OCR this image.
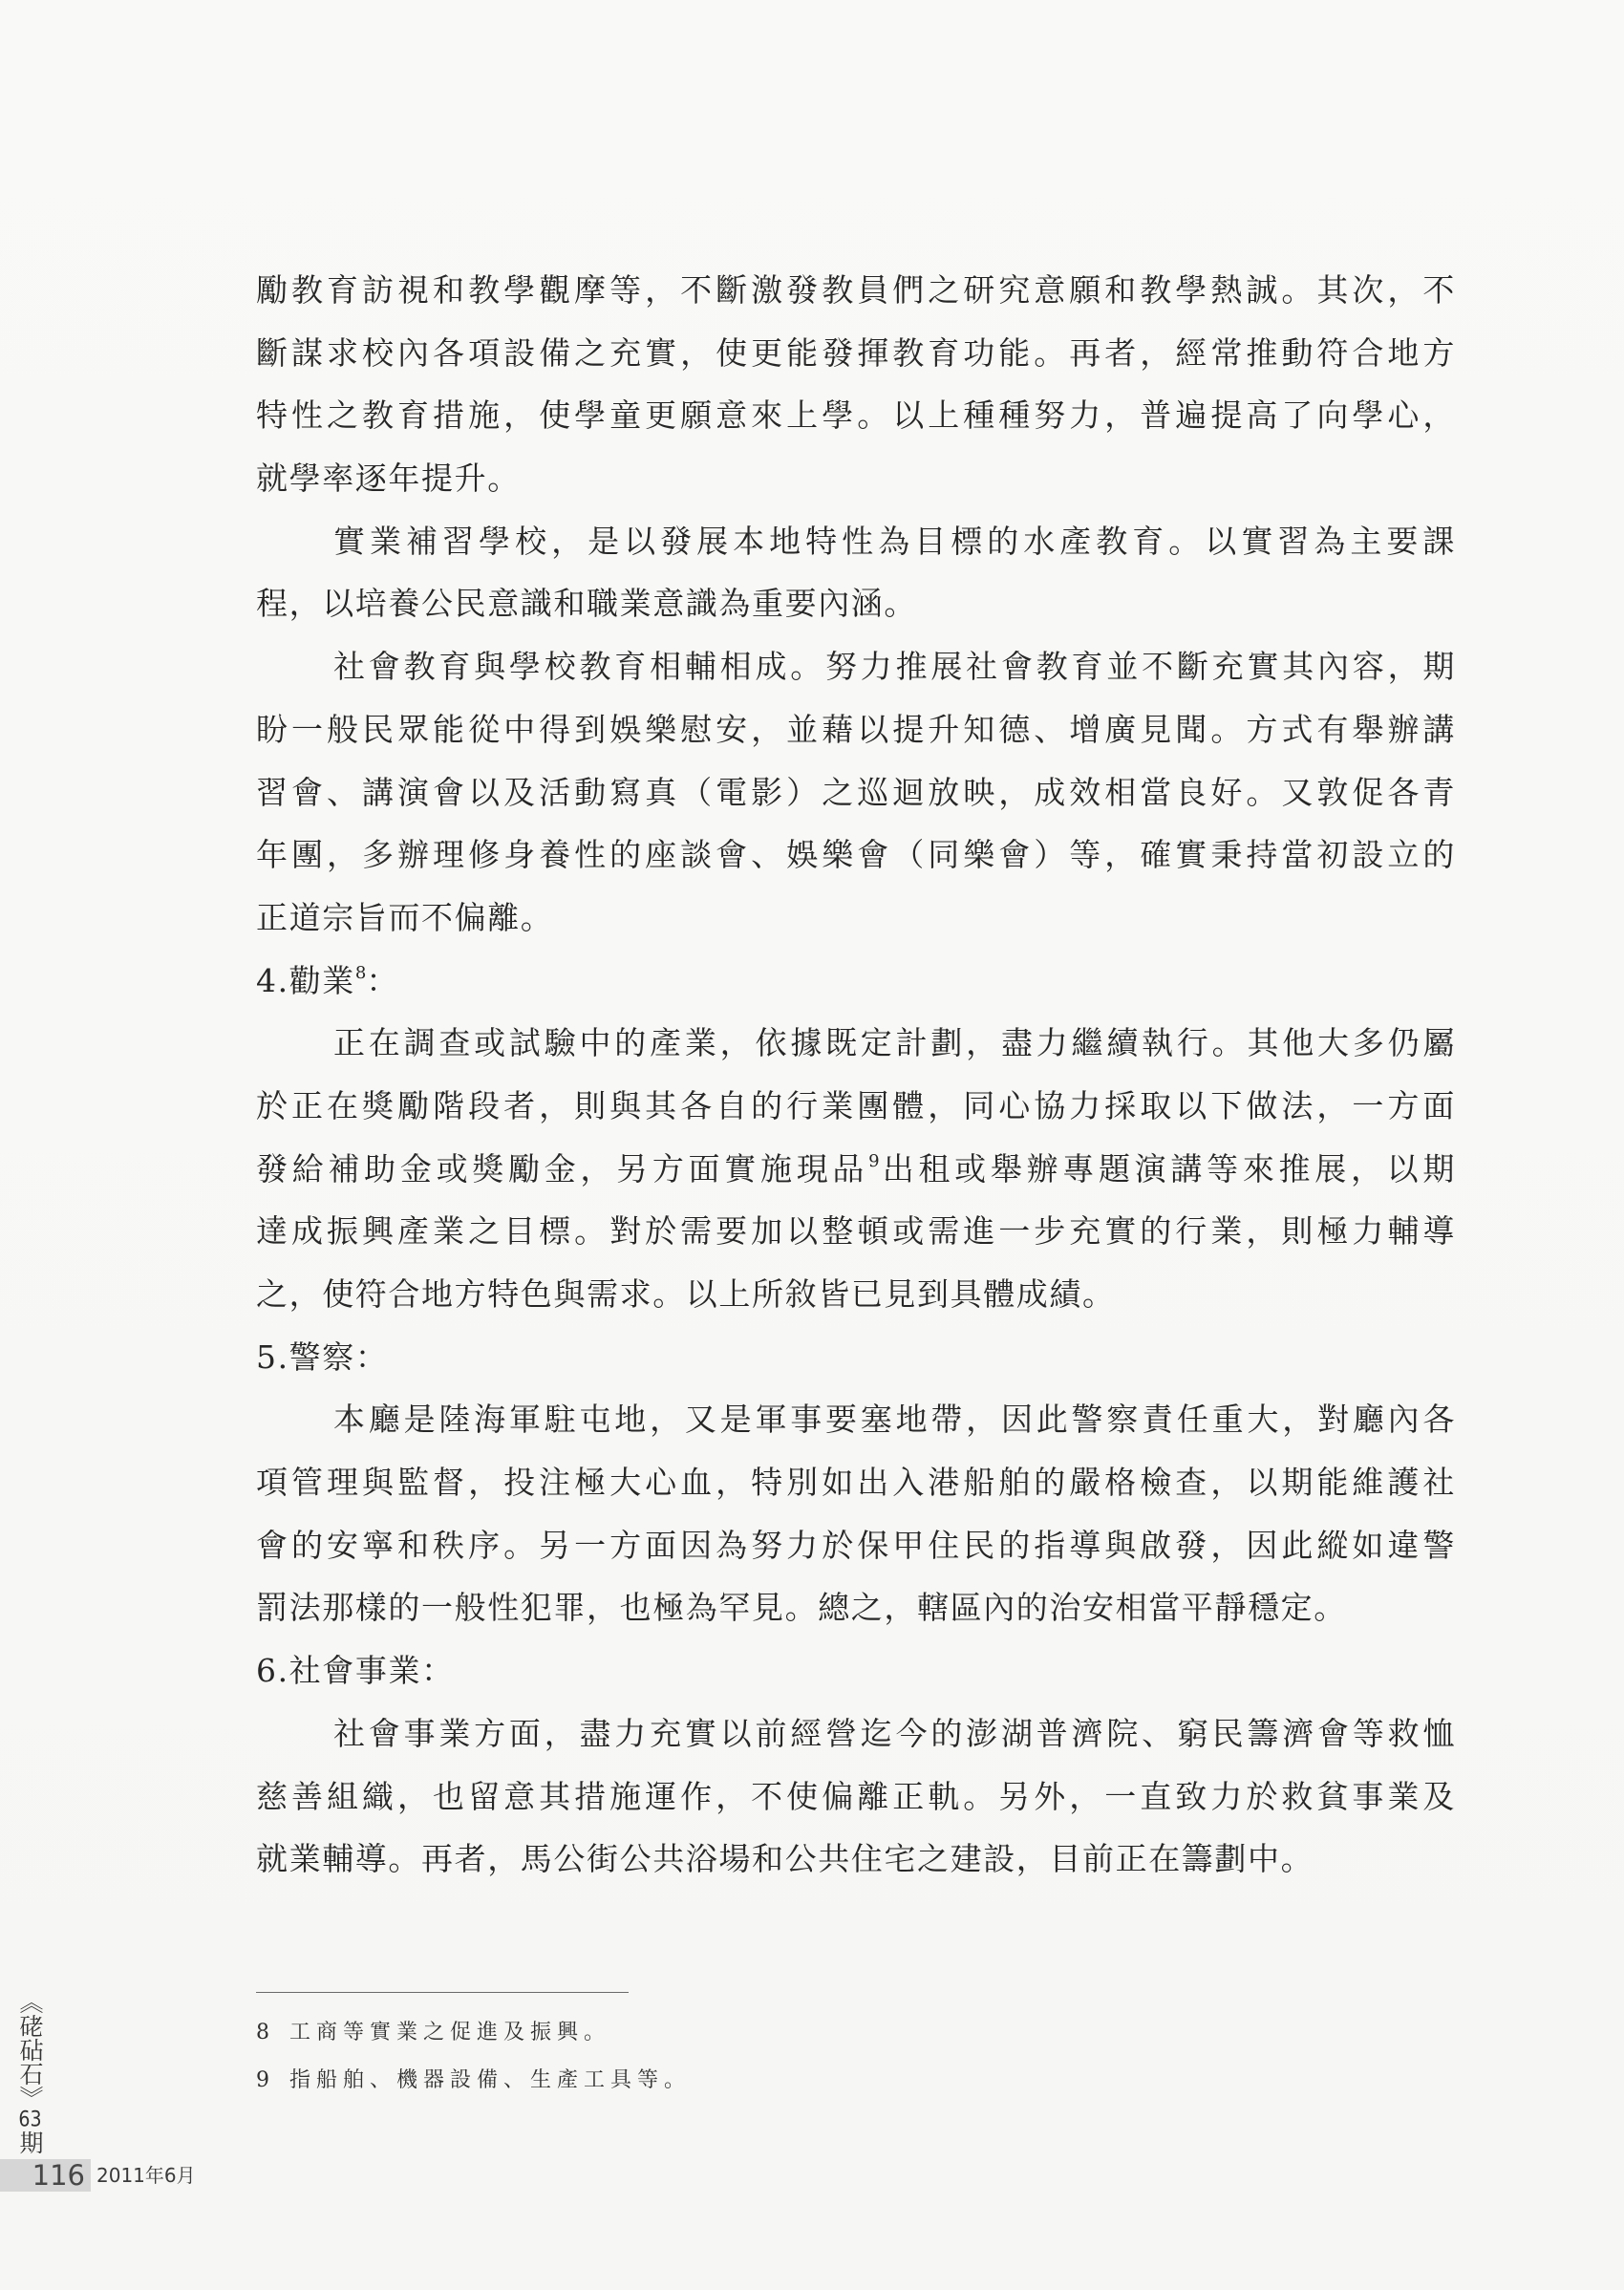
勵教育訪視和教學觀摩等，不斷激發教員們之研究意願和教學熱誠。其次，不
斷謀求校內各項設備之充實，使更能發揮教育功能。再者，經常推動符合地方
特性之教育措施，使學童更願意來上學。以上種種努力，普遍提高了向學心，
就學率逐年提升。
實業補習學校，是以發展本地特性為目標的水產教育。以實習為主要課
程，以培養公民意識和職業意識為重要內涵。
社會教育與學校教育相輔相成。努力推展社會教育並不斷充實其內容，期
盼一般民眾能從中得到娛樂慰安，並藉以提升知德、增廣見聞。方式有舉辦講
習會、講演會以及活動寫真（電影）之巡迴放映，成效相當良好。又敦促各青
年團，多辦理修身養性的座談會、娛樂會（同樂會）等，確實秉持當初設立的
正道宗旨而不偏離。
4.勸業$^8$：
正在調查或試驗中的產業，依據既定計劃，盡力繼續執行。其他大多仍屬
於正在獎勵階段者，則與其各自的行業團體，同心協力採取以下做法，一方面
發給補助金或獎勵金，另方面實施現品$^9$出租或舉辦專題演講等來推展，以期
達成振興產業之目標。對於需要加以整頓或需進一步充實的行業，則極力輔導
之，使符合地方特色與需求。以上所敘皆已見到具體成績。
5.警察：
本廳是陸海軍駐屯地，又是軍事要塞地帶，因此警察責任重大，對廳內各
項管理與監督，投注極大心血，特別如出入港船舶的嚴格檢查，以期能維護社
會的安寧和秩序。另一方面因為努力於保甲住民的指導與啟發，因此縱如違警
罰法那樣的一般性犯罪，也極為罕見。總之，轄區內的治安相當平靜穩定。
6.社會事業：
社會事業方面，盡力充實以前經營迄今的澎湖普濟院、窮民籌濟會等救恤
慈善組織，也留意其措施運作，不使偏離正軌。另外，一直致力於救貧事業及
就業輔導。再者，馬公街公共浴場和公共住宅之建設，目前正在籌劃中。
8 工商等實業之促進及振興。
9 指船舶、機器設備、生產工具等。
《硓砧石》63期
116 2011年6月
